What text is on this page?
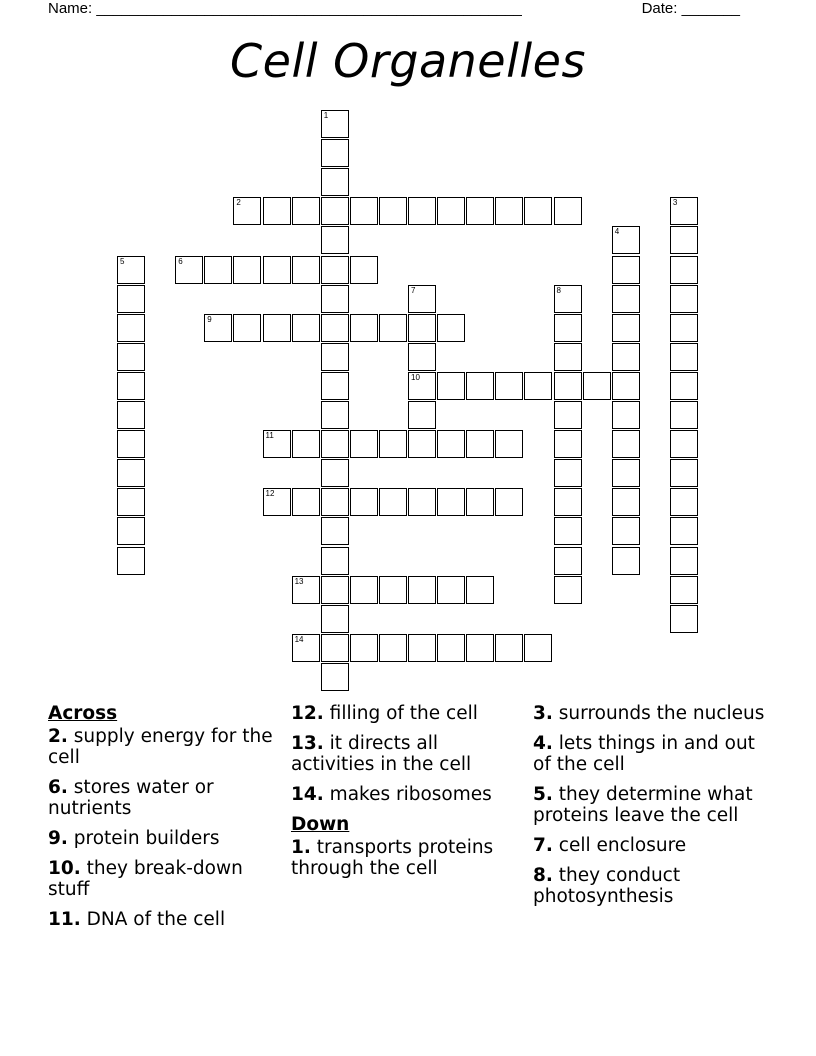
Name: ___________________________________________________	Date: _______
Cell Organelles
1
2	3
4
5	6
7
10
8
9
11
12
13
14
Across
2. supply energy for the cell
6. stores water or nutrients
9. protein builders
10. they break-down stuff
11. DNA of the cell
12. filling of the cell
13. it directs all activities in the cell
14. makes ribosomes
Down
1. transports proteins through the cell
3. surrounds the nucleus
4. lets things in and out of the cell
5. they determine what proteins leave the cell
7. cell enclosure
8. they conduct photosynthesis
